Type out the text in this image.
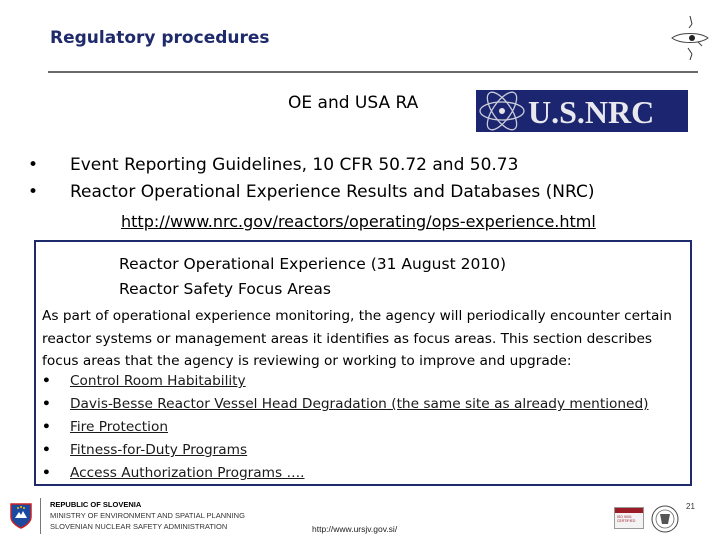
Regulatory procedures
OE and USA RA	U.S.NRC
• Event Reporting Guidelines, 10 CFR 50.72 and 50.73
• Reactor Operational Experience Results and Databases (NRC)
http://www.nrc.gov/reactors/operating/ops-experience.html
Reactor Operational Experience (31 August 2010)
Reactor Safety Focus Areas
As part of operational experience monitoring, the agency will periodically encounter certain reactor systems or management areas it identifies as focus areas. This section describes focus areas that the agency is reviewing or working to improve and upgrade:
• Control Room Habitability
• Davis-Besse Reactor Vessel Head Degradation (the same site as already mentioned)
• Fire Protection
• Fitness-for-Duty Programs
• Access Authorization Programs ….
REPUBLIC OF SLOVENIA
MINISTRY OF ENVIRONMENT AND SPATIAL PLANNING
SLOVENIAN NUCLEAR SAFETY ADMINISTRATION	http://www.ursjv.gov.si/
21
ISO 9001
CERTIFIED
